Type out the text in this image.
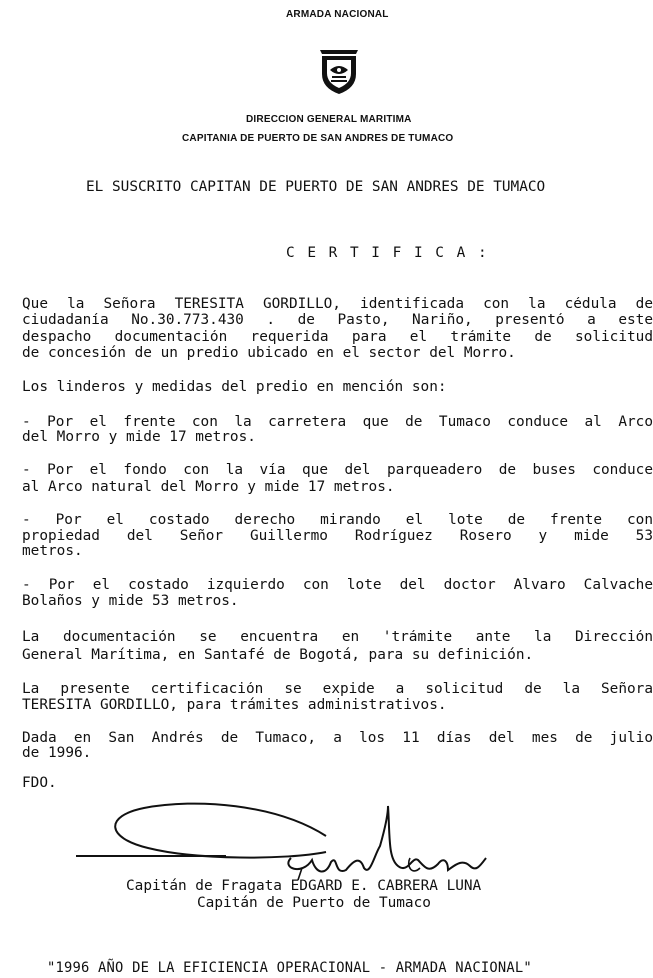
ARMADA NACIONAL
DIRECCION GENERAL MARITIMA
CAPITANIA DE PUERTO DE SAN ANDRES DE TUMACO
EL SUSCRITO CAPITAN DE PUERTO DE SAN ANDRES DE TUMACO
C E R T I F I C A :
Que la Señora TERESITA GORDILLO, identificada con la cédula de
ciudadanía No.30.773.430 . de Pasto, Nariño, presentó a este
despacho documentación requerida para el trámite de solicitud
de concesión de un predio ubicado en el sector del Morro.
Los linderos y medidas del predio en mención son:
- Por el frente con la carretera que de Tumaco conduce al Arco
del Morro y mide 17 metros.
- Por el fondo con la vía que del parqueadero de buses conduce
al Arco natural del Morro y mide 17 metros.
- Por el costado derecho mirando el lote de frente con
propiedad del Señor Guillermo Rodríguez Rosero y mide 53
metros.
- Por el costado izquierdo con lote del doctor Alvaro Calvache
Bolaños y mide 53 metros.
La documentación se encuentra en 'trámite ante la Dirección
General Marítima, en Santafé de Bogotá, para su definición.
La presente certificación se expide a solicitud de la Señora
TERESITA GORDILLO, para trámites administrativos.
Dada en San Andrés de Tumaco, a los 11 días del mes de julio
de 1996.
FDO.
Capitán de Fragata EDGARD E. CABRERA LUNA
Capitán de Puerto de Tumaco
"1996 AÑO DE LA EFICIENCIA OPERACIONAL - ARMADA NACIONAL"
